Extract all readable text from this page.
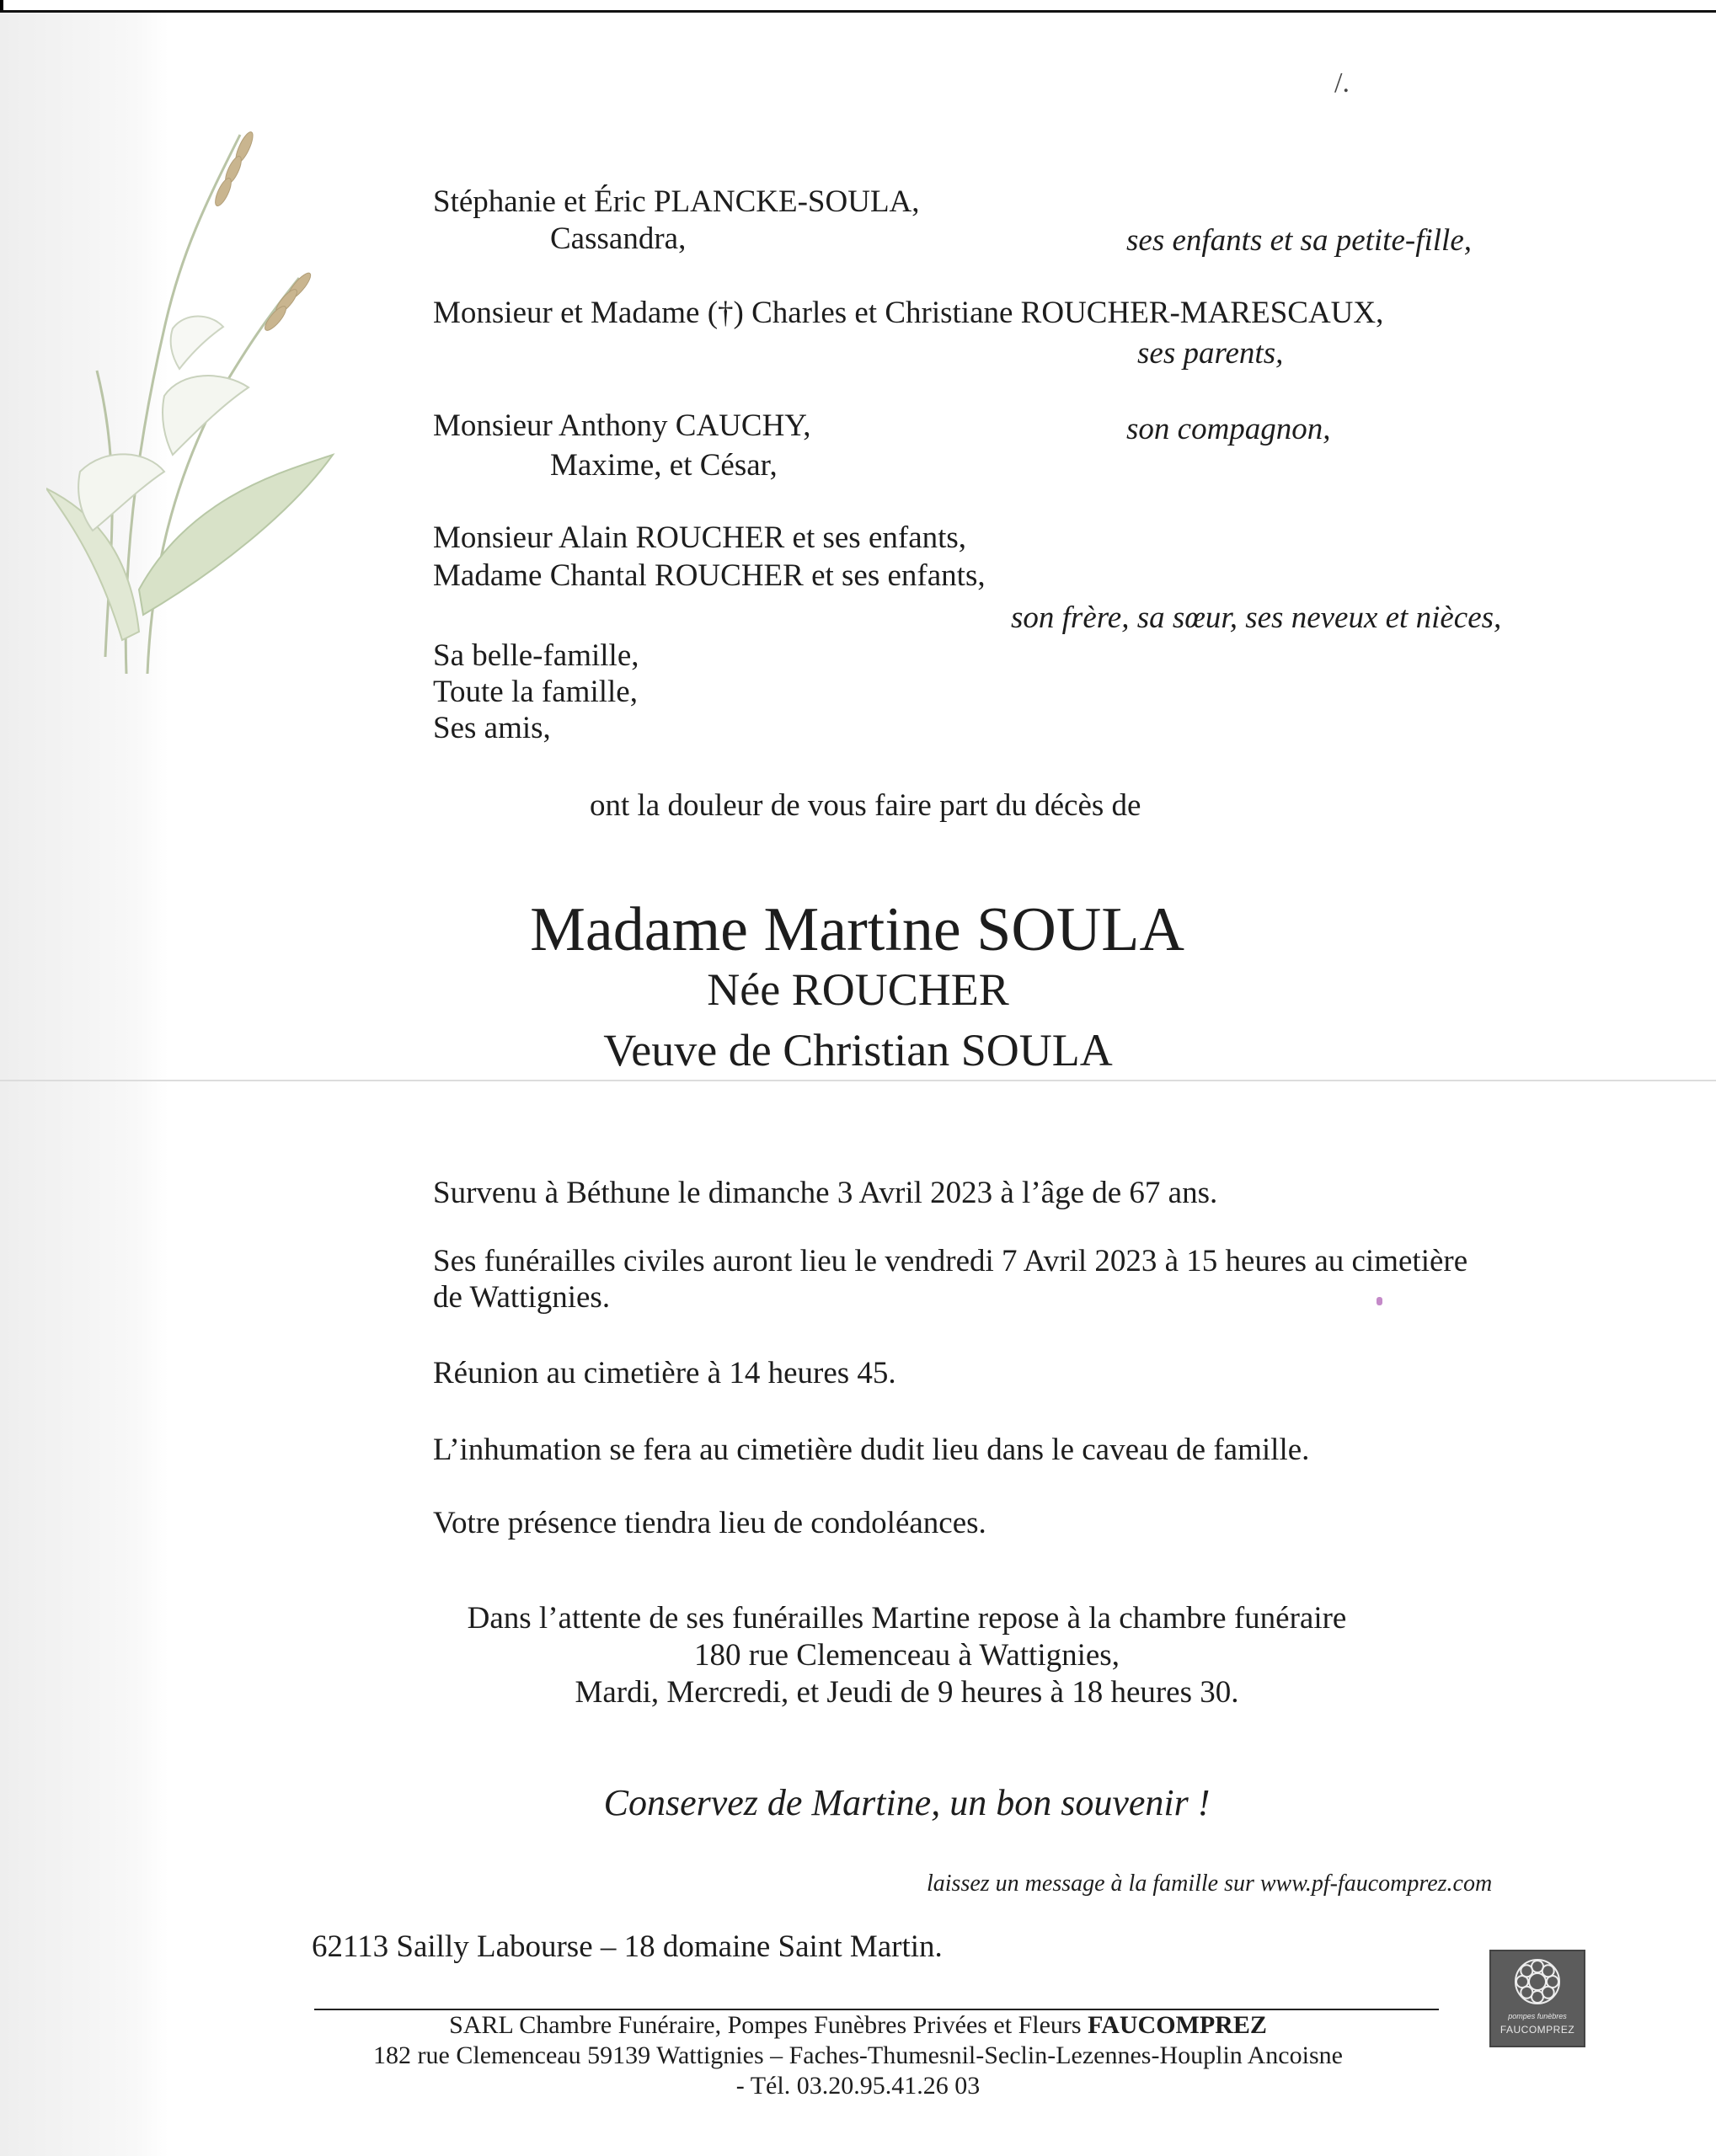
/.
Stéphanie et Éric PLANCKE-SOULA,
Cassandra,	ses enfants et sa petite-fille,
Monsieur et Madame (†) Charles et Christiane ROUCHER-MARESCAUX,
ses parents,
Monsieur Anthony CAUCHY,	son compagnon,
Maxime, et César,
Monsieur Alain ROUCHER et ses enfants,
Madame Chantal ROUCHER et ses enfants,
son frère, sa sœur, ses neveux et nièces,
Sa belle-famille,
Toute la famille,
Ses amis,
ont la douleur de vous faire part du décès de
Madame Martine SOULA
Née ROUCHER
Veuve de Christian SOULA
Survenu à Béthune le dimanche 3 Avril 2023 à l’âge de 67 ans.
Ses funérailles civiles auront lieu le vendredi 7 Avril 2023 à 15 heures au cimetière
de Wattignies.
Réunion au cimetière à 14 heures 45.
L’inhumation se fera au cimetière dudit lieu dans le caveau de famille.
Votre présence tiendra lieu de condoléances.
Dans l’attente de ses funérailles Martine repose à la chambre funéraire
180 rue Clemenceau à Wattignies,
Mardi, Mercredi, et Jeudi de 9 heures à 18 heures 30.
Conservez de Martine, un bon souvenir !
laissez un message à la famille sur www.pf-faucomprez.com
62113 Sailly Labourse – 18 domaine Saint Martin.
SARL Chambre Funéraire, Pompes Funèbres Privées et Fleurs FAUCOMPREZ
182 rue Clemenceau 59139 Wattignies – Faches-Thumesnil-Seclin-Lezennes-Houplin Ancoisne
- Tél. 03.20.95.41.26 03
pompes funèbres
FAUCOMPREZ
